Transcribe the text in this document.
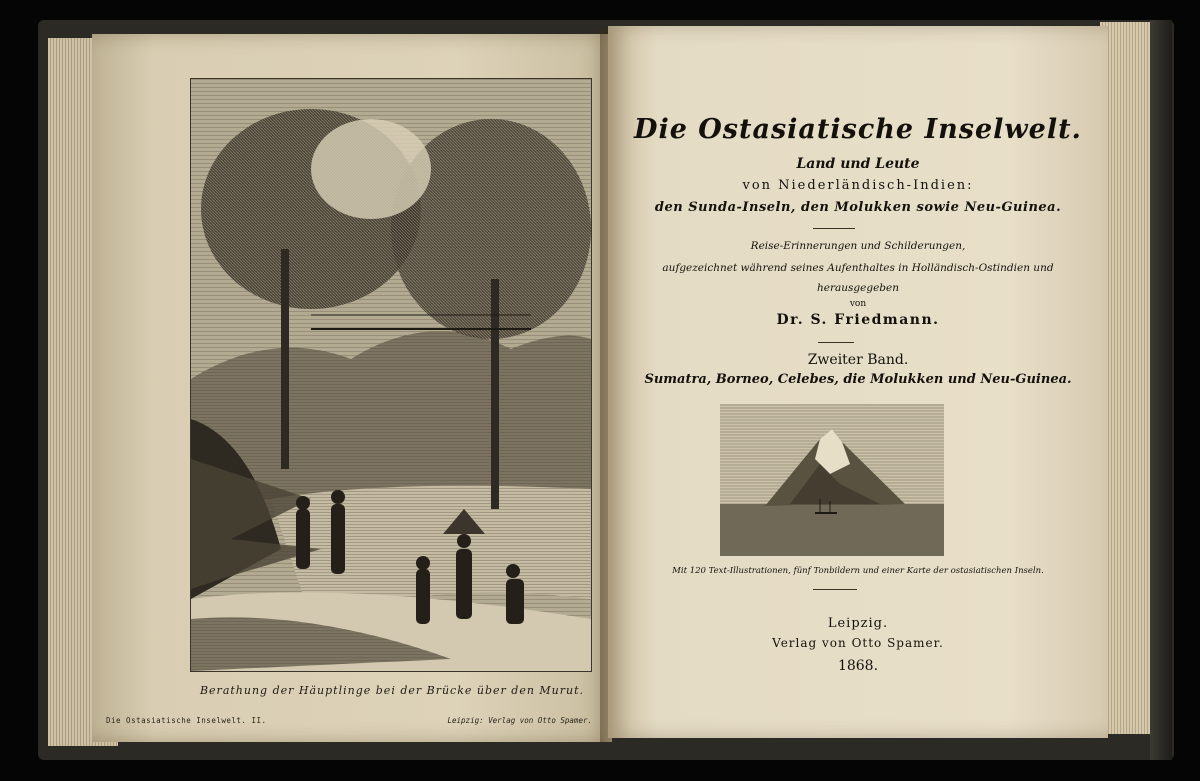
Berathung der Häuptlinge bei der Brücke über den Murut.
Die Ostasiatische Inselwelt. II.	Leipzig: Verlag von Otto Spamer.
Die Ostasiatische Inselwelt.
Land und Leute
von Niederländisch-Indien:
den Sunda-Inseln, den Molukken sowie Neu-Guinea.
Reise-Erinnerungen und Schilderungen,
aufgezeichnet während seines Aufenthaltes in Holländisch-Ostindien und
herausgegeben
von
Dr. S. Friedmann.
Zweiter Band.
Sumatra, Borneo, Celebes, die Molukken und Neu-Guinea.
Mit 120 Text-Illustrationen, fünf Tonbildern und einer Karte der ostasiatischen Inseln.
Leipzig.
Verlag von Otto Spamer.
1868.
